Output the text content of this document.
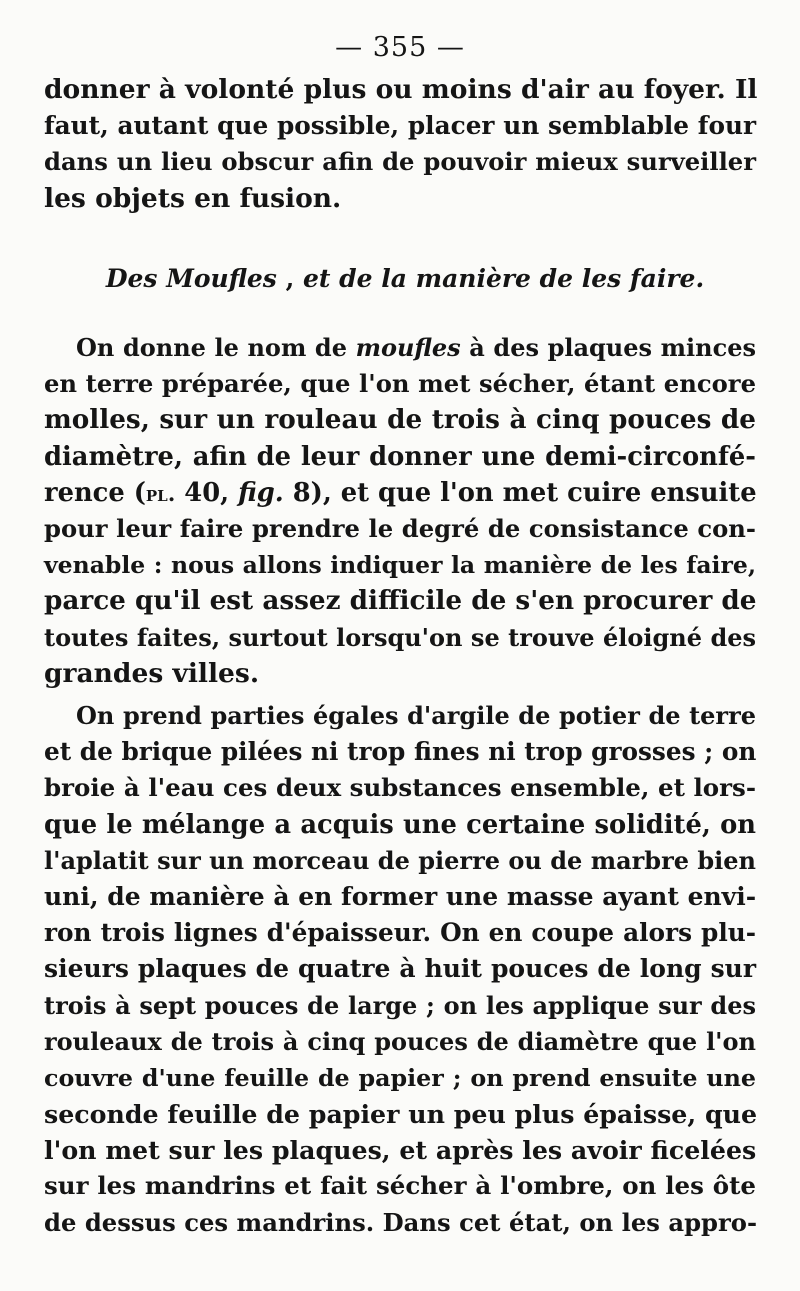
— 355 —
donner à volonté plus ou moins d'air au foyer. Il
faut, autant que possible, placer un semblable four
dans un lieu obscur afin de pouvoir mieux surveiller
les objets en fusion.
Des Moufles , et de la manière de les faire.
On donne le nom de moufles à des plaques minces
en terre préparée, que l'on met sécher, étant encore
molles, sur un rouleau de trois à cinq pouces de
diamètre, afin de leur donner une demi-circonfé-
rence (pl. 40, fig. 8), et que l'on met cuire ensuite
pour leur faire prendre le degré de consistance con-
venable : nous allons indiquer la manière de les faire,
parce qu'il est assez difficile de s'en procurer de
toutes faites, surtout lorsqu'on se trouve éloigné des
grandes villes.
On prend parties égales d'argile de potier de terre
et de brique pilées ni trop fines ni trop grosses ; on
broie à l'eau ces deux substances ensemble, et lors-
que le mélange a acquis une certaine solidité, on
l'aplatit sur un morceau de pierre ou de marbre bien
uni, de manière à en former une masse ayant envi-
ron trois lignes d'épaisseur. On en coupe alors plu-
sieurs plaques de quatre à huit pouces de long sur
trois à sept pouces de large ; on les applique sur des
rouleaux de trois à cinq pouces de diamètre que l'on
couvre d'une feuille de papier ; on prend ensuite une
seconde feuille de papier un peu plus épaisse, que
l'on met sur les plaques, et après les avoir ficelées
sur les mandrins et fait sécher à l'ombre, on les ôte
de dessus ces mandrins. Dans cet état, on les appro-
